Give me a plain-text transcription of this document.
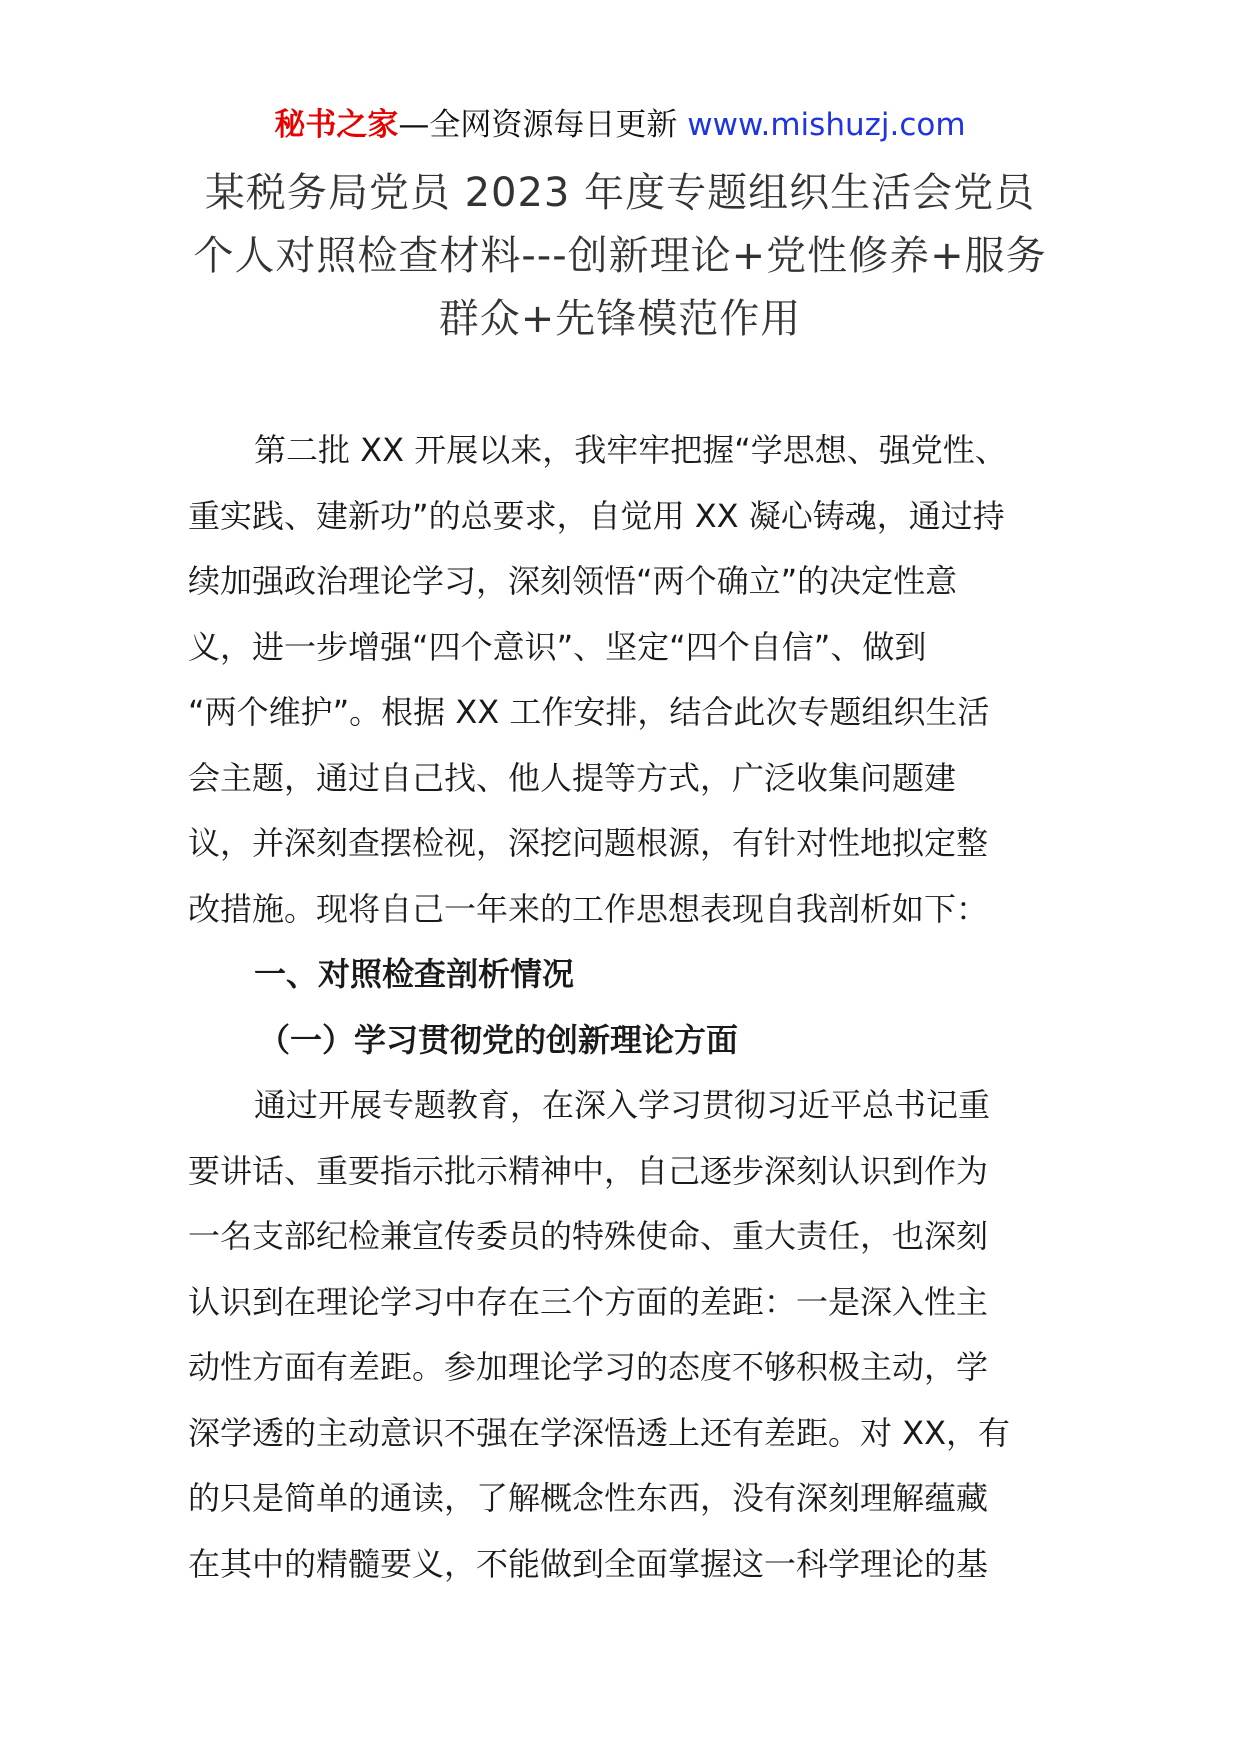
秘书之家—全网资源每日更新 www.mishuzj.com
某税务局党员 2023 年度专题组织生活会党员
个人对照检查材料---创新理论+党性修养+服务
群众+先锋模范作用
第二批 XX 开展以来，我牢牢把握“学思想、强党性、
重实践、建新功”的总要求，自觉用 XX 凝心铸魂，通过持
续加强政治理论学习，深刻领悟“两个确立”的决定性意
义，进一步增强“四个意识”、坚定“四个自信”、做到
“两个维护”。根据 XX 工作安排，结合此次专题组织生活
会主题，通过自己找、他人提等方式，广泛收集问题建
议，并深刻查摆检视，深挖问题根源，有针对性地拟定整
改措施。现将自己一年来的工作思想表现自我剖析如下：
一、对照检查剖析情况
（一）学习贯彻党的创新理论方面
通过开展专题教育，在深入学习贯彻习近平总书记重
要讲话、重要指示批示精神中，自己逐步深刻认识到作为
一名支部纪检兼宣传委员的特殊使命、重大责任，也深刻
认识到在理论学习中存在三个方面的差距：一是深入性主
动性方面有差距。参加理论学习的态度不够积极主动，学
深学透的主动意识不强在学深悟透上还有差距。对 XX，有
的只是简单的通读，了解概念性东西，没有深刻理解蕴藏
在其中的精髓要义，不能做到全面掌握这一科学理论的基
